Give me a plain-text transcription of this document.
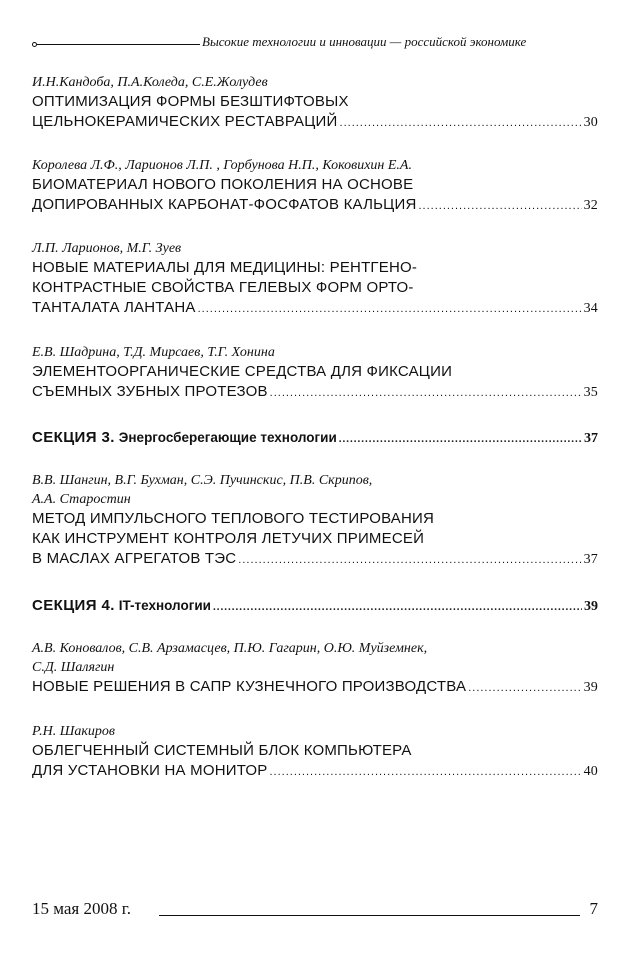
Высокие технологии и инновации — российской экономике
И.Н.Кандоба, П.А.Коледа, С.Е.Жолудев
ОПТИМИЗАЦИЯ ФОРМЫ БЕЗШТИФТОВЫХ
ЦЕЛЬНОКЕРАМИЧЕСКИХ РЕСТАВРАЦИЙ .....	30
Королева Л.Ф., Ларионов Л.П. , Горбунова Н.П., Коковихин Е.А.
БИОМАТЕРИАЛ НОВОГО ПОКОЛЕНИЯ НА ОСНОВЕ
ДОПИРОВАННЫХ КАРБОНАТ-ФОСФАТОВ КАЛЬЦИЯ .....	32
Л.П. Ларионов, М.Г. Зуев
НОВЫЕ МАТЕРИАЛЫ ДЛЯ МЕДИЦИНЫ: РЕНТГЕНО-
КОНТРАСТНЫЕ СВОЙСТВА ГЕЛЕВЫХ ФОРМ ОРТО-
ТАНТАЛАТА ЛАНТАНА .....	34
Е.В. Шадрина, Т.Д. Мирсаев, Т.Г. Хонина
ЭЛЕМЕНТООРГАНИЧЕСКИЕ СРЕДСТВА ДЛЯ ФИКСАЦИИ
СЪЕМНЫХ ЗУБНЫХ ПРОТЕЗОВ .....	35
СЕКЦИЯ 3. Энергосберегающие технологии .....	37
В.В. Шангин, В.Г. Бухман, С.Э. Пучинскис, П.В. Скрипов,
А.А. Старостин
МЕТОД ИМПУЛЬСНОГО ТЕПЛОВОГО ТЕСТИРОВАНИЯ
КАК ИНСТРУМЕНТ КОНТРОЛЯ ЛЕТУЧИХ ПРИМЕСЕЙ
В МАСЛАХ АГРЕГАТОВ ТЭС .....	37
СЕКЦИЯ 4. IT-технологии .....	39
А.В. Коновалов, С.В. Арзамасцев, П.Ю. Гагарин, О.Ю. Муйземнек,
С.Д. Шалягин
НОВЫЕ РЕШЕНИЯ В САПР КУЗНЕЧНОГО ПРОИЗВОДСТВА .....	39
Р.Н. Шакиров
ОБЛЕГЧЕННЫЙ СИСТЕМНЫЙ БЛОК КОМПЬЮТЕРА
ДЛЯ УСТАНОВКИ НА МОНИТОР .....	40
15 мая 2008 г.	7
